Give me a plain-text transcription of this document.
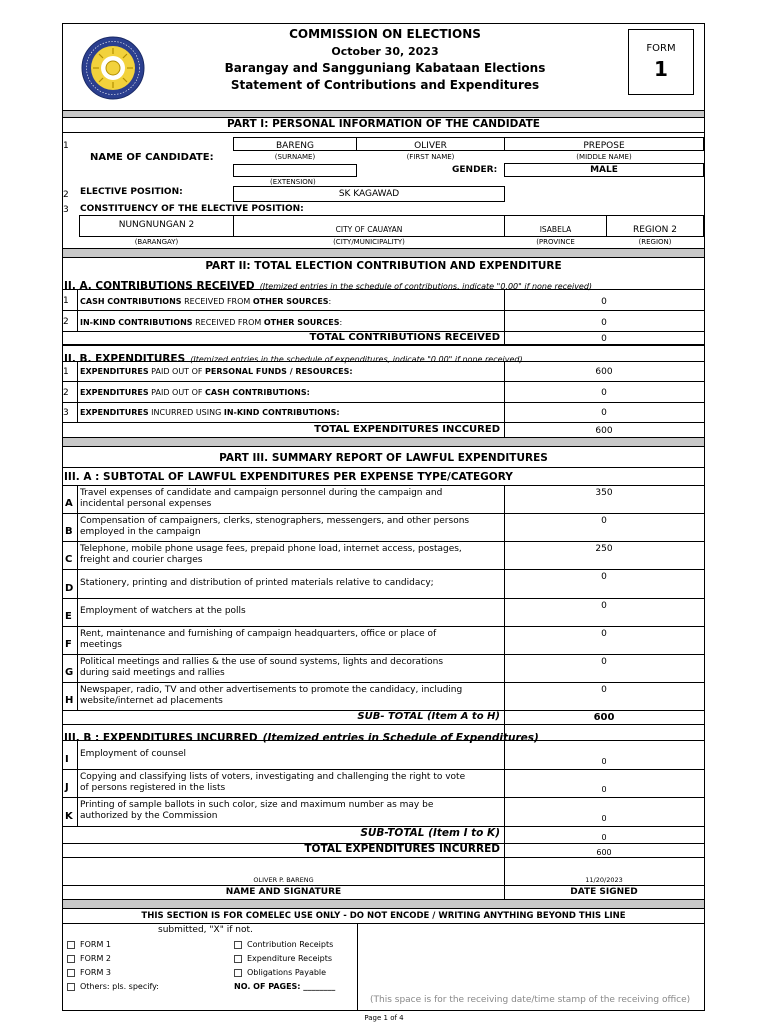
COMMISSION ON ELECTIONS
October 30, 2023
Barangay and Sangguniang Kabataan Elections
Statement of Contributions and Expenditures
FORM
1
PART I: PERSONAL INFORMATION OF THE CANDIDATE
1
NAME OF CANDIDATE:
BARENG	OLIVER	PREPOSE
(SURNAME)	(FIRST NAME)	(MIDDLE NAME)
(EXTENSION)
GENDER:	MALE
2 ELECTIVE POSITION:	SK KAGAWAD
3 CONSTITUENCY OF THE ELECTIVE POSITION:
NUNGNUNGAN 2	CITY OF CAUAYAN	ISABELA	REGION 2
(BARANGAY)	(CITY/MUNICIPALITY)	(PROVINCE	(REGION)
PART II: TOTAL ELECTION CONTRIBUTION AND EXPENDITURE
II. A. CONTRIBUTIONS RECEIVED (Itemized entries in the schedule of contributions, indicate "0.00" if none received)
1 CASH CONTRIBUTIONS RECEIVED FROM OTHER SOURCES:	0
2 IN-KIND CONTRIBUTIONS RECEIVED FROM OTHER SOURCES:	0
TOTAL CONTRIBUTIONS RECEIVED	0
II. B. EXPENDITURES (Itemized entries in the schedule of expenditures, indicate "0.00" if none received)
1 EXPENDITURES PAID OUT OF PERSONAL FUNDS / RESOURCES:	600
2 EXPENDITURES PAID OUT OF CASH CONTRIBUTIONS:	0
3 EXPENDITURES INCURRED USING IN-KIND CONTRIBUTIONS:	0
TOTAL EXPENDITURES INCCURED	600
PART III. SUMMARY REPORT OF LAWFUL EXPENDITURES
III. A : SUBTOTAL OF LAWFUL EXPENDITURES PER EXPENSE TYPE/CATEGORY
A
Travel expenses of candidate and campaign personnel during the campaign and
incidental personal expenses
350
B
Compensation of campaigners, clerks, stenographers, messengers, and other persons
employed in the campaign
0
C
Telephone, mobile phone usage fees, prepaid phone load, internet access, postages,
freight and courier charges
250
D
Stationery, printing and distribution of printed materials relative to candidacy;
0
E Employment of watchers at the polls	0
F
Rent, maintenance and furnishing of campaign headquarters, office or place of
meetings
0
G
Political meetings and rallies & the use of sound systems, lights and decorations
during said meetings and rallies
0
H
Newspaper, radio, TV and other advertisements to promote the candidacy, including
website/internet ad placements
0
SUB- TOTAL (Item A to H)	600
III. B : EXPENDITURES INCURRED (Itemized entries in Schedule of Expenditures)
I
Employment of counsel
0
J
Copying and classifying lists of voters, investigating and challenging the right to vote
of persons registered in the lists	0
K
Printing of sample ballots in such color, size and maximum number as may be
authorized by the Commission	0
SUB-TOTAL (Item I to K)	0
TOTAL EXPENDITURES INCURRED	600
OLIVER P. BARENG	11/20/2023
NAME AND SIGNATURE	DATE SIGNED
THIS SECTION IS FOR COMELEC USE ONLY - DO NOT ENCODE / WRITING ANYTHING BEYOND THIS LINE
submitted, "X" if not.
FORM 1
FORM 2
FORM 3
Others: pls. specify:
Contribution Receipts
Expenditure Receipts
Obligations Payable
NO. OF PAGES: ________
(This space is for the receiving date/time stamp of the receiving office)
Page 1 of 4
